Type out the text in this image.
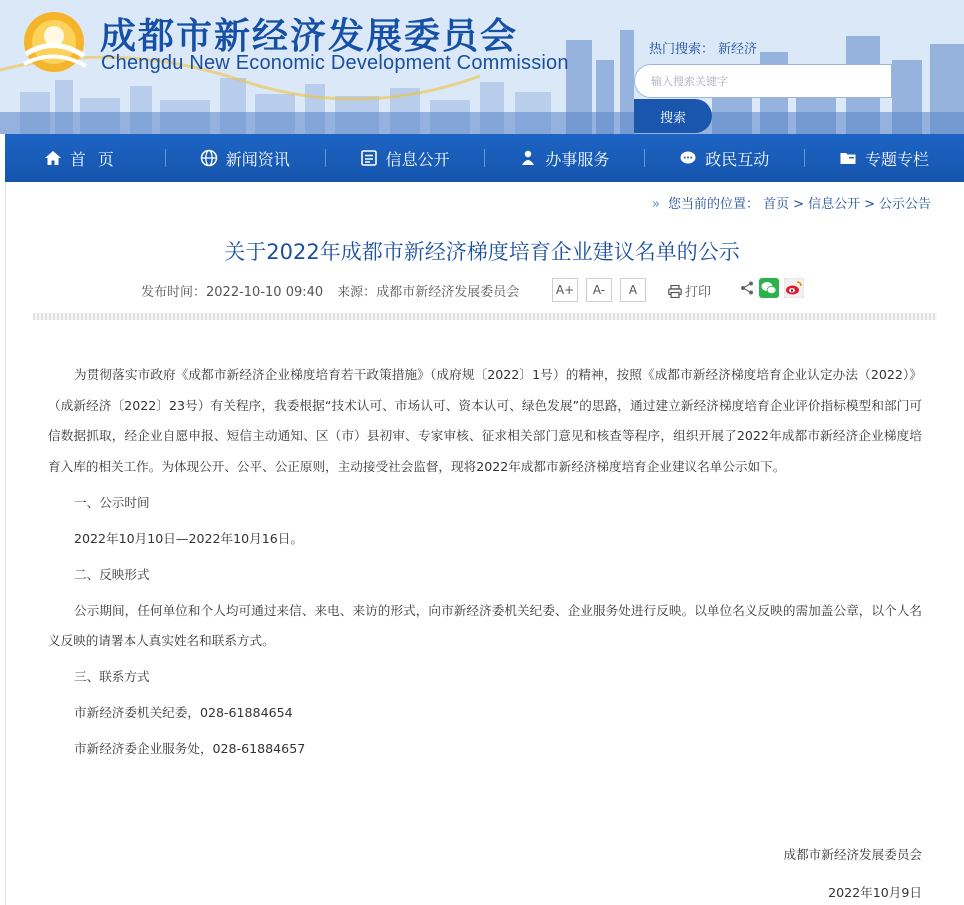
成都市新经济发展委员会
Chengdu New Economic Development Commission
热门搜索： 新经济
输入搜索关键字
搜索
首页	新闻资讯	信息公开	办事服务	政民互动	专题专栏
» 您当前的位置： 首页 > 信息公开 > 公示公告
关于2022年成都市新经济梯度培育企业建议名单的公示
发布时间：2022-10-10 09:40 来源：成都市新经济发展委员会	A+	A-	A	打印

为贯彻落实市政府《成都市新经济企业梯度培育若干政策措施》（成府规〔2022〕1号）的精神，按照《成都市新经济梯度培育企业认定办法（2022）》（成新经济〔2022〕23号）有关程序，我委根据“技术认可、市场认可、资本认可、绿色发展”的思路，通过建立新经济梯度培育企业评价指标模型和部门可信数据抓取，经企业自愿申报、短信主动通知、区（市）县初审、专家审核、征求相关部门意见和核查等程序，组织开展了2022年成都市新经济企业梯度培育入库的相关工作。为体现公开、公平、公正原则，主动接受社会监督，现将2022年成都市新经济梯度培育企业建议名单公示如下。

一、公示时间

2022年10月10日—2022年10月16日。

二、反映形式

公示期间，任何单位和个人均可通过来信、来电、来访的形式，向市新经济委机关纪委、企业服务处进行反映。以单位名义反映的需加盖公章，以个人名义反映的请署本人真实姓名和联系方式。

三、联系方式

市新经济委机关纪委，028-61884654

市新经济委企业服务处，028-61884657

成都市新经济发展委员会
2022年10月9日
